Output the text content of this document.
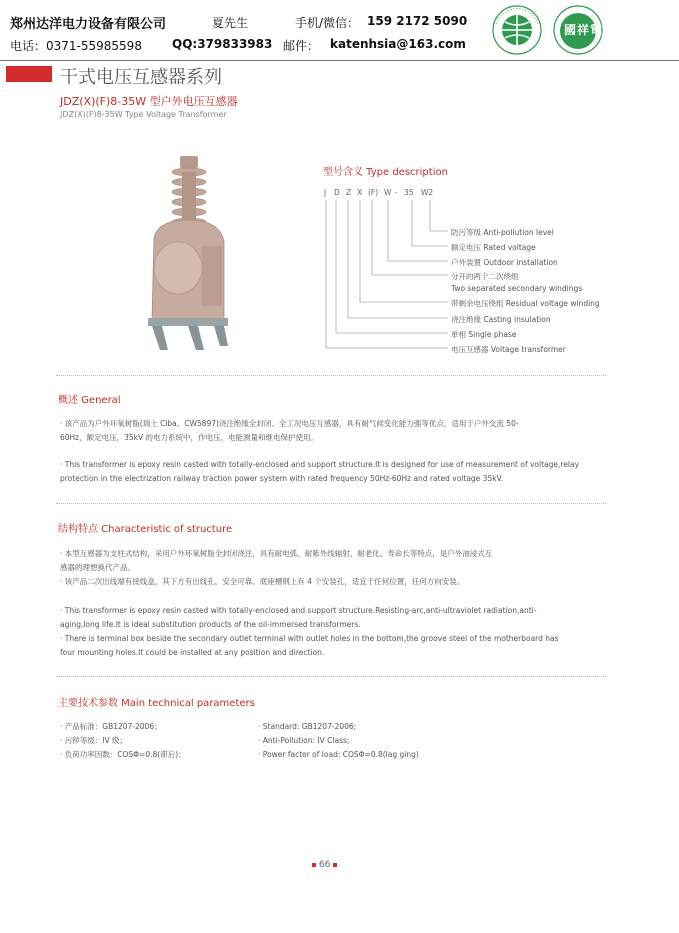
郑州达洋电力设备有限公司	夏先生	手机/微信： 159 2172 5090
电话：0371-55985598	QQ:379833983 邮件： katenhsia@163.com
國祥電氣
干式电压互感器系列
JDZ(X)(F)8-35W 型户外电压互感器
JDZ(X)(F)8-35W Type Voltage Transformer
型号含义 Type description
J D Z X (F) W - 35 W2
防污等级 Anti-pollution level
额定电压 Rated voltage
户外装置 Outdoor installation
分开的两个二次绕组
Two separated secondary windings
带剩余电压绕组 Residual voltage winding
浇注绝缘 Casting insulation
单相 Single phase
电压互感器 Voltage transformer
概述 General
· 该产品为户外环氧树脂(瑞士 Ciba、CW5897)浇注绝缘全封闭、全工况电压互感器，具有耐气候变化能力强等优点，适用于户外交流 50-
60Hz，额定电压，35kV 的电力系统中，作电压、电能测量和继电保护使用。
· This transformer is epoxy resin casted with totally-enclosed and support structure.It is designed for use of measurement of voltage,relay
protection in the electrization railway traction power system with rated frequency 50Hz-60Hz and rated voltage 35kV.
结构特点 Characteristic of structure
· 本型互感器为支柱式结构，采用户外环氧树脂全封闭浇注，具有耐电弧、耐紫外线辐射、耐老化、寿命长等特点，是户外油浸式互
感器的理想换代产品。
· 该产品二次出线端有接线盒，其下方有出线孔，安全可靠。底座槽钢上有 4 个安装孔，适宜于任何位置，任何方向安装。
· This transformer is epoxy resin casted with totally-enclosed and support structure.Resisting-arc,anti-ultraviolet radiation,anti-
aging,long life.It is ideal substitution products of the oil-immersed transformers.
· There is terminal box beside the secondary outlet terminal with outlet holes in the bottom,the groove steel of the motherboard has
four mounting holes.It could be installed at any position and direction.
主要技术参数 Main technical parameters
· 产品标准：GB1207-2006；
· 污秽等级：IV 级；
· 负荷功率因数：COSΦ=0.8(滞后)；
· Standard: GB1207-2006;
· Anti-Pollution: IV Class;
· Power factor of load: COSΦ=0.8(lag ging)
66
